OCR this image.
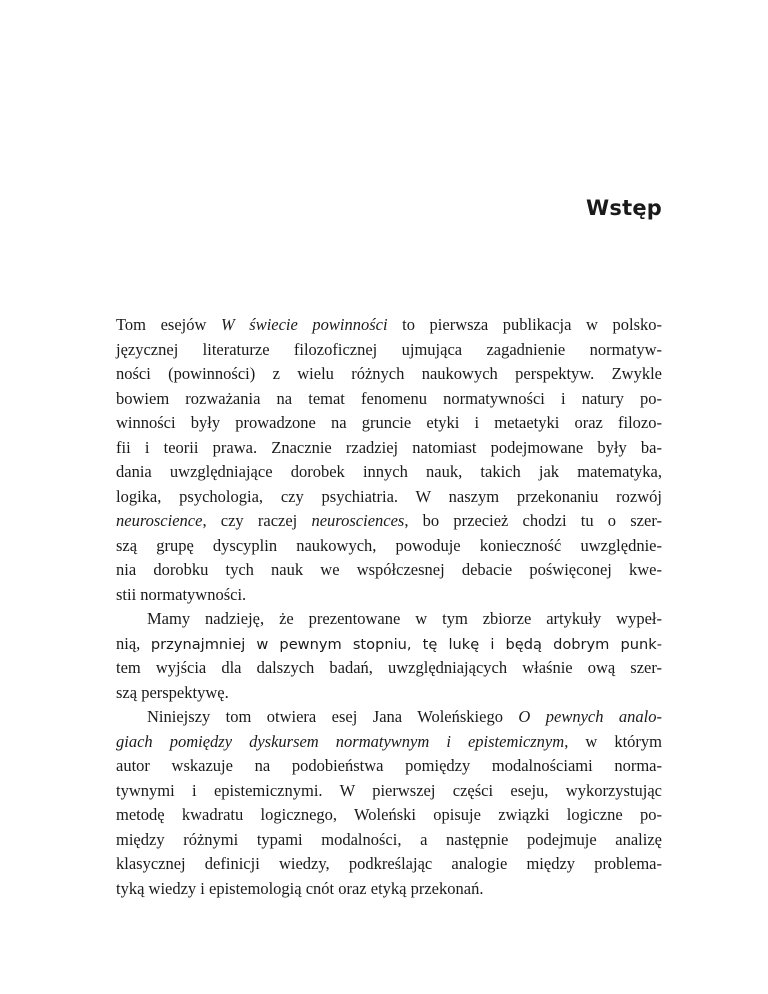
Wstęp
Tom esejów W świecie powinności to pierwsza publikacja w polsko-
języcznej literaturze filozoficznej ujmująca zagadnienie normatyw-
ności (powinności) z wielu różnych naukowych perspektyw. Zwykle
bowiem rozważania na temat fenomenu normatywności i natury po-
winności były prowadzone na gruncie etyki i metaetyki oraz filozo-
fii i teorii prawa. Znacznie rzadziej natomiast podejmowane były ba-
dania uwzględniające dorobek innych nauk, takich jak matematyka,
logika, psychologia, czy psychiatria. W naszym przekonaniu rozwój
neuroscience, czy raczej neurosciences, bo przecież chodzi tu o szer-
szą grupę dyscyplin naukowych, powoduje konieczność uwzględnie-
nia dorobku tych nauk we współczesnej debacie poświęconej kwe-
stii normatywności.
Mamy nadzieję, że prezentowane w tym zbiorze artykuły wypeł-
nią, przynajmniej w pewnym stopniu, tę lukę i będą dobrym punk-
tem wyjścia dla dalszych badań, uwzględniających właśnie ową szer-
szą perspektywę.
Niniejszy tom otwiera esej Jana Woleńskiego O pewnych analo-
giach pomiędzy dyskursem normatywnym i epistemicznym, w którym
autor wskazuje na podobieństwa pomiędzy modalnościami norma-
tywnymi i epistemicznymi. W pierwszej części eseju, wykorzystując
metodę kwadratu logicznego, Woleński opisuje związki logiczne po-
między różnymi typami modalności, a następnie podejmuje analizę
klasycznej definicji wiedzy, podkreślając analogie między problema-
tyką wiedzy i epistemologią cnót oraz etyką przekonań.
